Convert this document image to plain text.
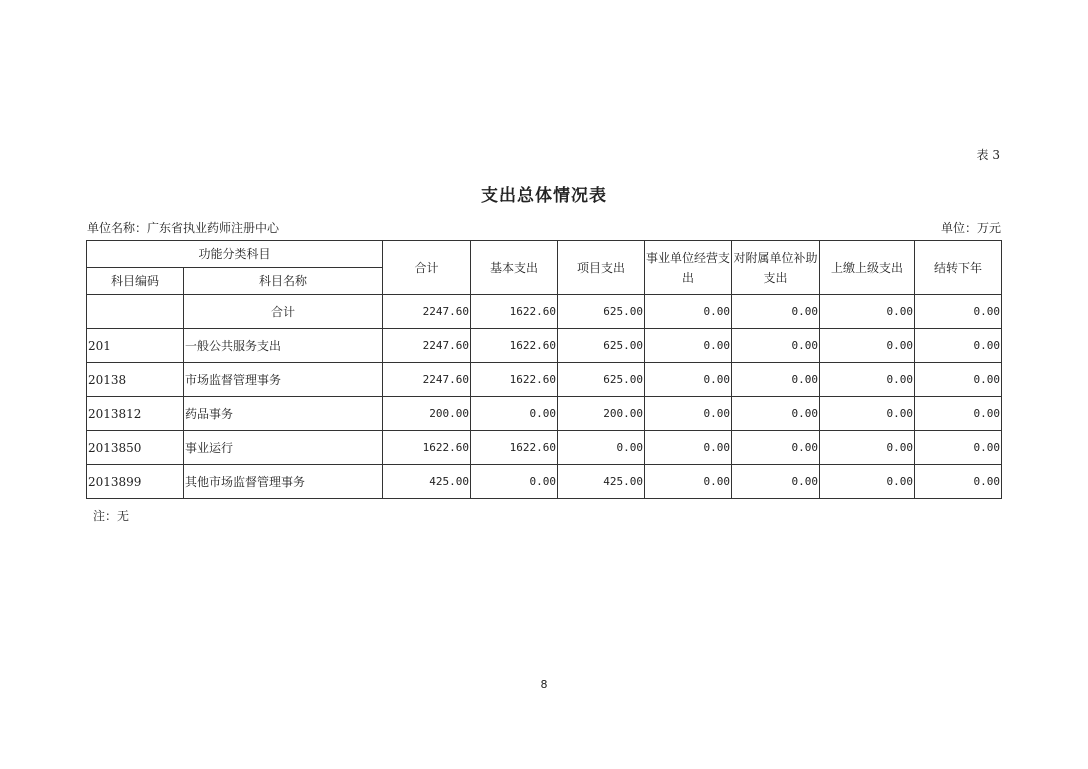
表 3
支出总体情况表
单位名称：广东省执业药师注册中心	单位：万元
功能分类科目		合计	基本支出	项目支出	事业单位经营支出	对附属单位补助支出	上缴上级支出	结转下年
科目编码	科目名称							
	合计	2247.60	1622.60	625.00	0.00	0.00	0.00	0.00
201	一般公共服务支出	2247.60	1622.60	625.00	0.00	0.00	0.00	0.00
20138	市场监督管理事务	2247.60	1622.60	625.00	0.00	0.00	0.00	0.00
2013812	药品事务	200.00	0.00	200.00	0.00	0.00	0.00	0.00
2013850	事业运行	1622.60	1622.60	0.00	0.00	0.00	0.00	0.00
2013899	其他市场监督管理事务	425.00	0.00	425.00	0.00	0.00	0.00	0.00
注：无
8
